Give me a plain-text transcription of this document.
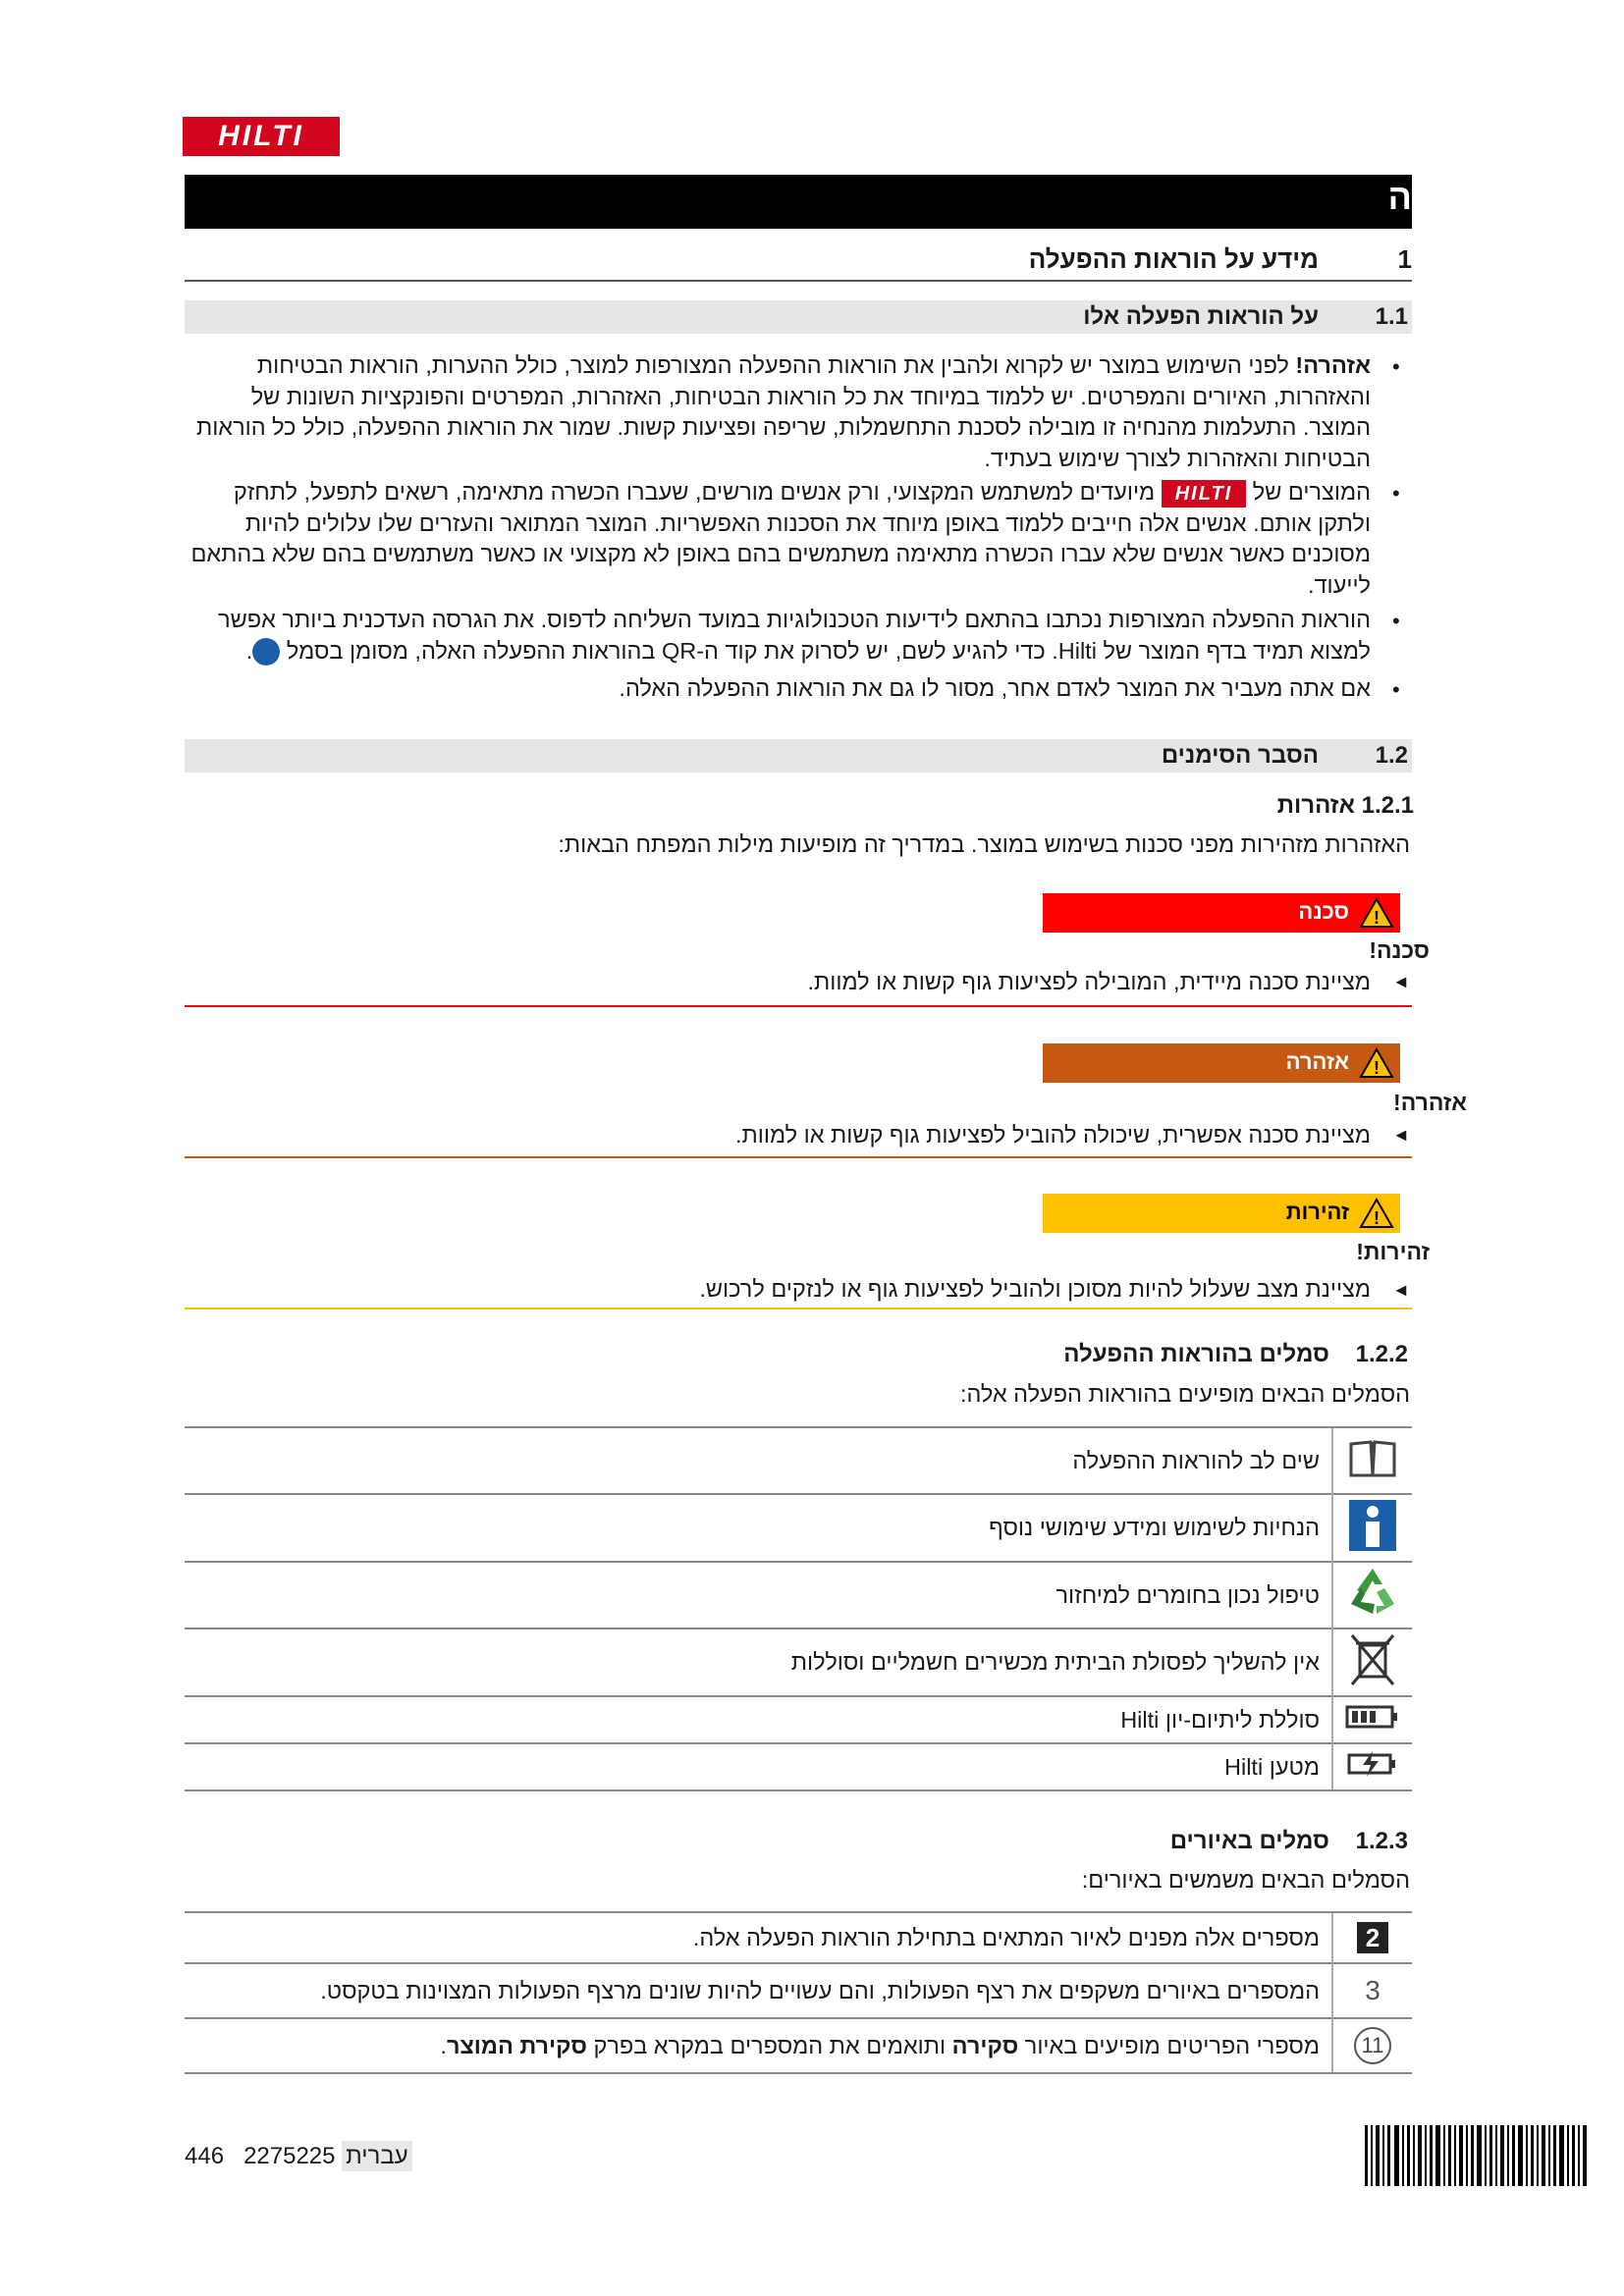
HILTI
ה
1
מידע על הוראות ההפעלה
1.1
על הוראות הפעלה אלו
•
אזהרה! לפני השימוש במוצר יש לקרוא ולהבין את הוראות ההפעלה המצורפות למוצר, כולל ההערות, הוראות הבטיחות והאזהרות, האיורים והמפרטים. יש ללמוד במיוחד את כל הוראות הבטיחות, האזהרות, המפרטים והפונקציות השונות של המוצר. התעלמות מהנחיה זו מובילה לסכנת התחשמלות, שריפה ופציעות קשות. שמור את הוראות ההפעלה, כולל כל הוראות הבטיחות והאזהרות לצורך שימוש בעתיד.
•
המוצרים של HILTI מיועדים למשתמש המקצועי, ורק אנשים מורשים, שעברו הכשרה מתאימה, רשאים לתפעל, לתחזק ולתקן אותם. אנשים אלה חייבים ללמוד באופן מיוחד את הסכנות האפשריות. המוצר המתואר והעזרים שלו עלולים להיות מסוכנים כאשר אנשים שלא עברו הכשרה מתאימה משתמשים בהם באופן לא מקצועי או כאשר משתמשים בהם שלא בהתאם לייעוד.
•
הוראות ההפעלה המצורפות נכתבו בהתאם לידיעות הטכנולוגיות במועד השליחה לדפוס. את הגרסה העדכנית ביותר אפשר למצוא תמיד בדף המוצר של Hilti. כדי להגיע לשם, יש לסרוק את קוד ה-QR בהוראות ההפעלה האלה, מסומן בסמל .
•
אם אתה מעביר את המוצר לאדם אחר, מסור לו גם את הוראות ההפעלה האלה.
1.2
הסבר הסימנים
1.2.1 אזהרות
האזהרות מזהירות מפני סכנות בשימוש במוצר. במדריך זה מופיעות מילות המפתח הבאות:
!
סכנה
סכנה!
◄
מציינת סכנה מיידית, המובילה לפציעות גוף קשות או למוות.
!
אזהרה
אזהרה!
◄
מציינת סכנה אפשרית, שיכולה להוביל לפציעות גוף קשות או למוות.
!
זהירות
זהירות!
◄
מציינת מצב שעלול להיות מסוכן ולהוביל לפציעות גוף או לנזקים לרכוש.
1.2.2    סמלים בהוראות ההפעלה
הסמלים הבאים מופיעים בהוראות הפעלה אלה:
שים לב להוראות ההפעלה	
הנחיות לשימוש ומידע שימושי נוסף	
טיפול נכון בחומרים למיחזור	
אין להשליך לפסולת הביתית מכשירים חשמליים וסוללות	
סוללת ליתיום-יון Hilti	
מטען Hilti	
1.2.3    סמלים באיורים
הסמלים הבאים משמשים באיורים:
מספרים אלה מפנים לאיור המתאים בתחילת הוראות הפעלה אלה.	2
המספרים באיורים משקפים את רצף הפעולות, והם עשויים להיות שונים מרצף הפעולות המצוינות בטקסט.	3
מספרי הפריטים מופיעים באיור סקירה ותואמים את המספרים במקרא בפרק סקירת המוצר.	11
446	עברית 2275225
